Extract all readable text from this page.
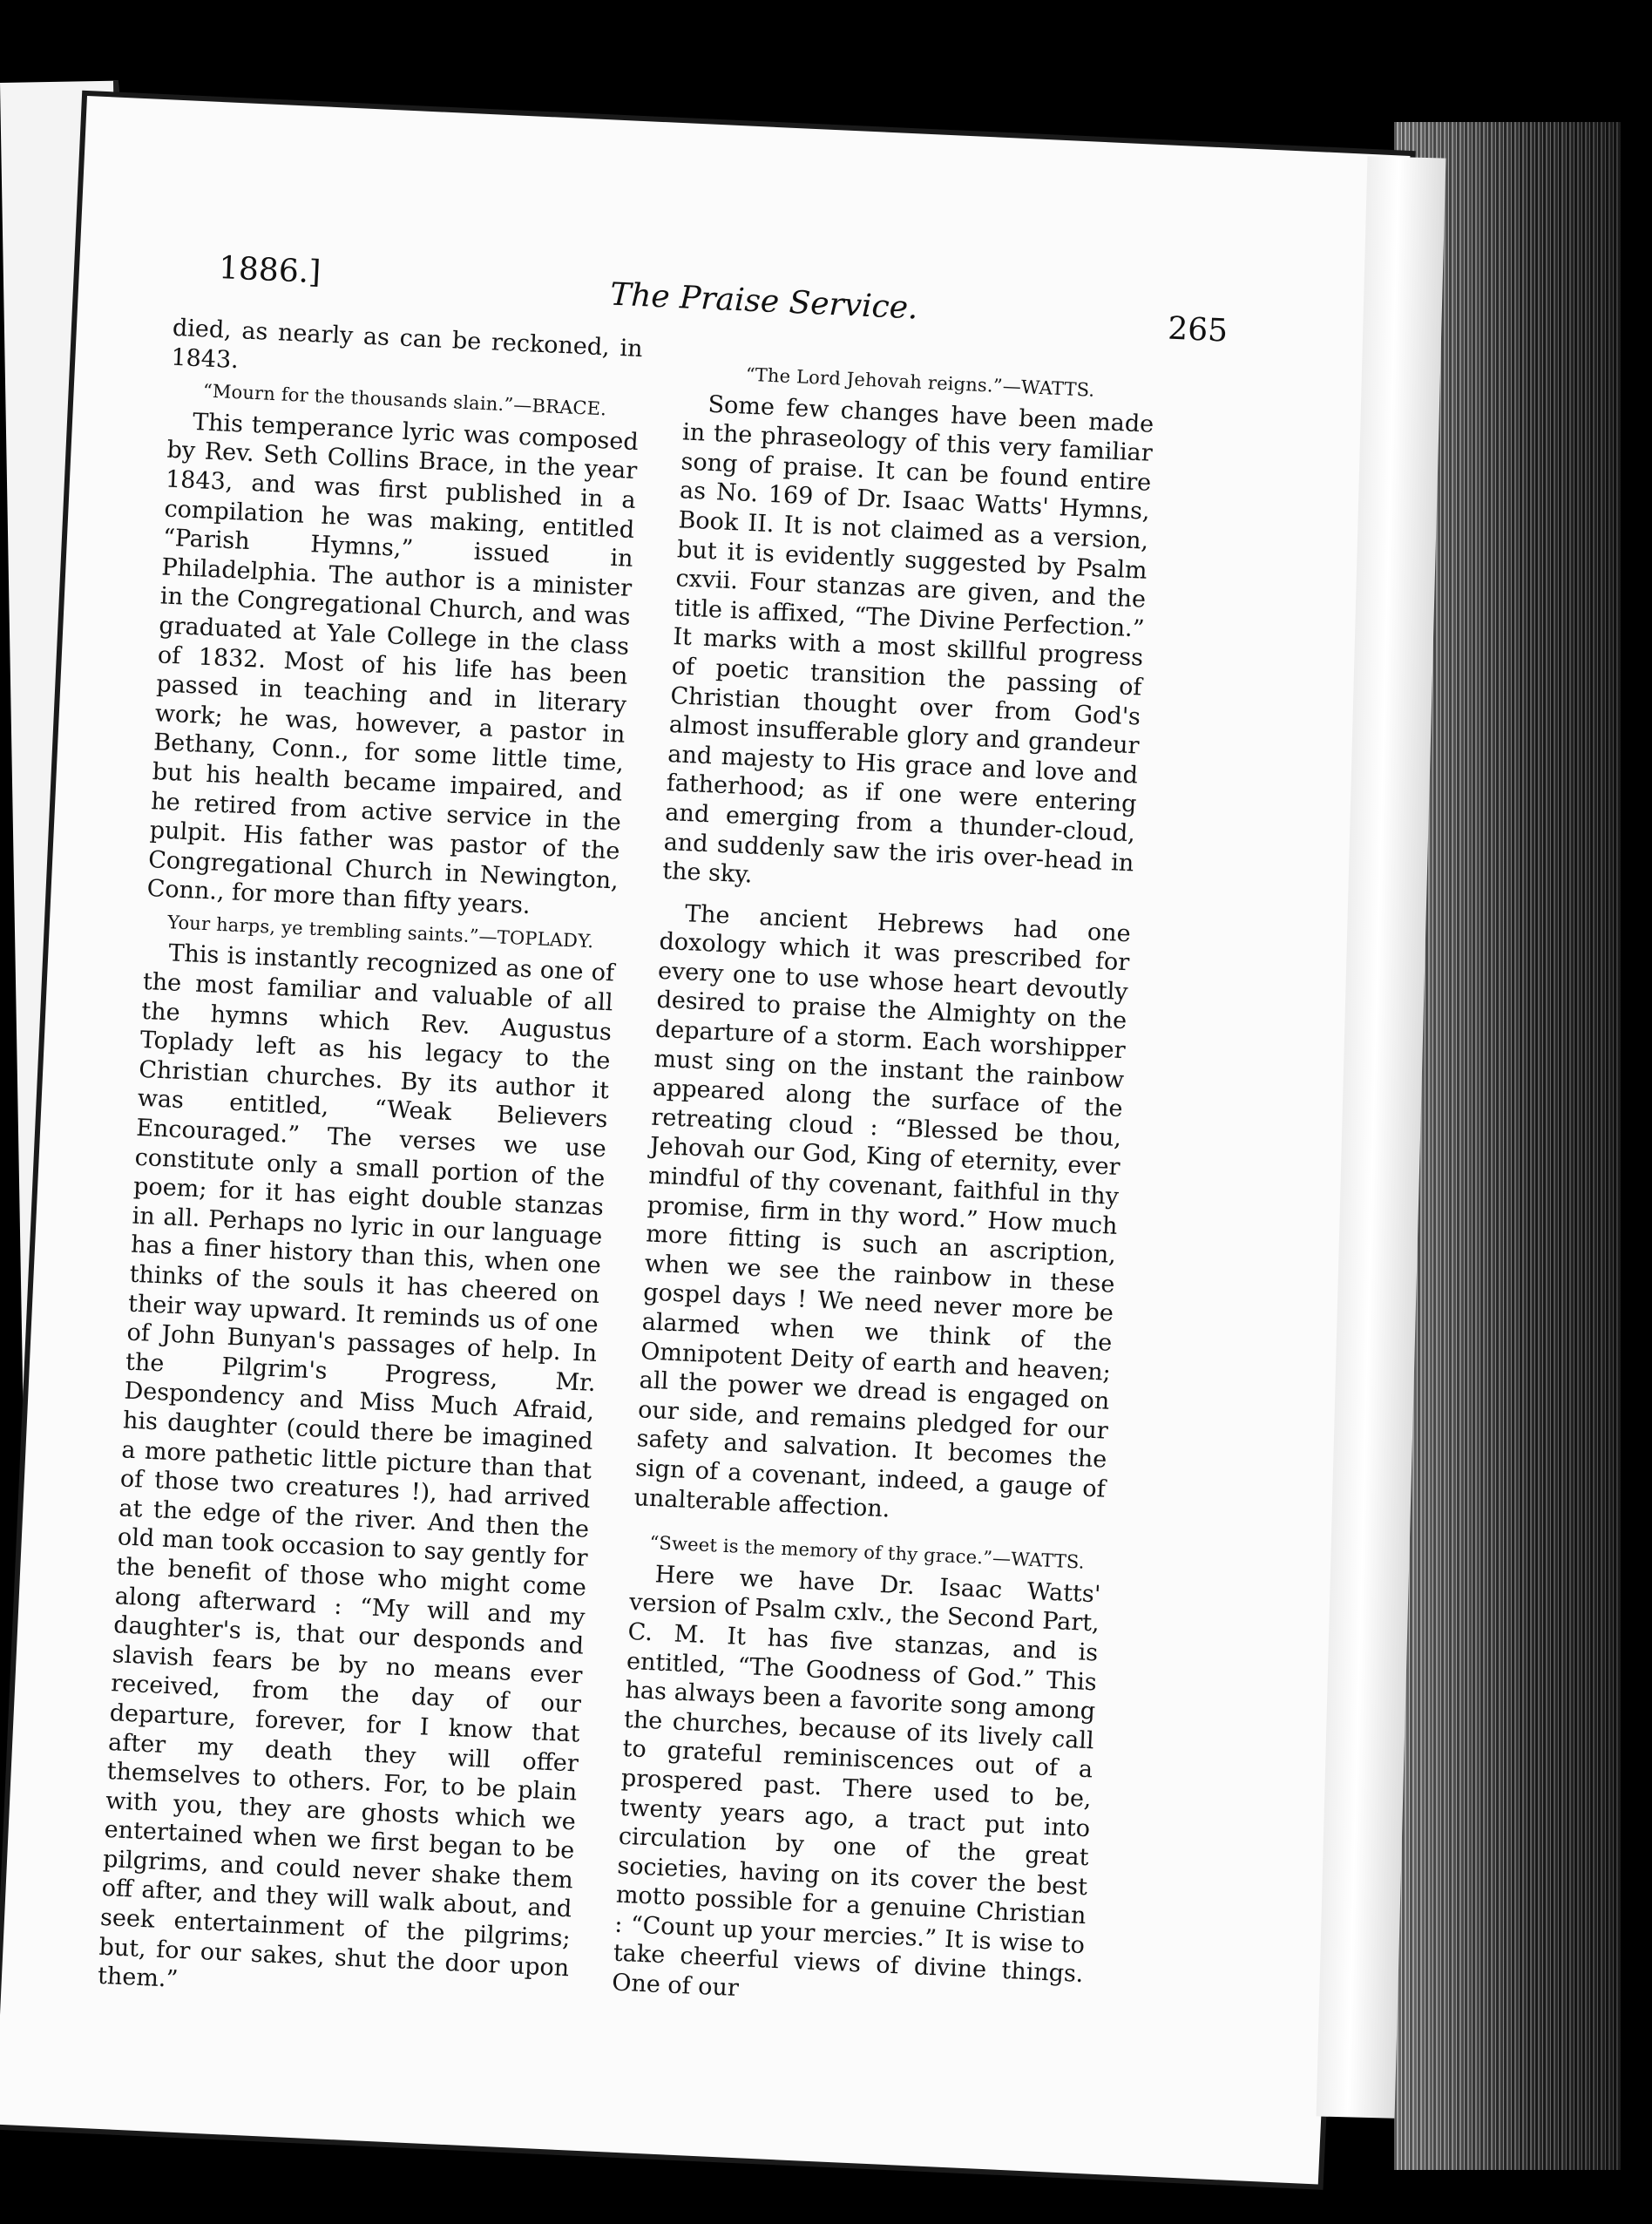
1886.]
The Praise Service.
265

died, as nearly as can be reckoned, in 1843.

“Mourn for the thousands slain.”—BRACE.

This temperance lyric was composed by Rev. Seth Collins Brace, in the year 1843, and was first published in a compilation he was making, entitled “Parish Hymns,” issued in Philadelphia. The author is a minister in the Congregational Church, and was graduated at Yale College in the class of 1832. Most of his life has been passed in teaching and in literary work; he was, however, a pastor in Bethany, Conn., for some little time, but his health became impaired, and he retired from active service in the pulpit. His father was pastor of the Congregational Church in Newington, Conn., for more than fifty years.

Your harps, ye trembling saints.”—TOPLADY.

This is instantly recognized as one of the most familiar and valuable of all the hymns which Rev. Augustus Toplady left as his legacy to the Christian churches. By its author it was entitled, “Weak Believers Encouraged.” The verses we use constitute only a small portion of the poem; for it has eight double stanzas in all. Perhaps no lyric in our language has a finer history than this, when one thinks of the souls it has cheered on their way upward. It reminds us of one of John Bunyan's passages of help. In the Pilgrim's Progress, Mr. Despondency and Miss Much Afraid, his daughter (could there be imagined a more pathetic little picture than that of those two creatures !), had arrived at the edge of the river. And then the old man took occasion to say gently for the benefit of those who might come along afterward : “My will and my daughter's is, that our desponds and slavish fears be by no means ever received, from the day of our departure, forever, for I know that after my death they will offer themselves to others. For, to be plain with you, they are ghosts which we entertained when we first began to be pilgrims, and could never shake them off after, and they will walk about, and seek entertainment of the pilgrims; but, for our sakes, shut the door upon them.”

“The Lord Jehovah reigns.”—WATTS.

Some few changes have been made in the phraseology of this very familiar song of praise. It can be found entire as No. 169 of Dr. Isaac Watts' Hymns, Book II. It is not claimed as a version, but it is evidently suggested by Psalm cxvii. Four stanzas are given, and the title is affixed, “The Divine Perfection.” It marks with a most skillful progress of poetic transition the passing of Christian thought over from God's almost insufferable glory and grandeur and majesty to His grace and love and fatherhood; as if one were entering and emerging from a thunder-cloud, and suddenly saw the iris over-head in the sky.

The ancient Hebrews had one doxology which it was prescribed for every one to use whose heart devoutly desired to praise the Almighty on the departure of a storm. Each worshipper must sing on the instant the rainbow appeared along the surface of the retreating cloud : “Blessed be thou, Jehovah our God, King of eternity, ever mindful of thy covenant, faithful in thy promise, firm in thy word.” How much more fitting is such an ascription, when we see the rainbow in these gospel days ! We need never more be alarmed when we think of the Omnipotent Deity of earth and heaven; all the power we dread is engaged on our side, and remains pledged for our safety and salvation. It becomes the sign of a covenant, indeed, a gauge of unalterable affection.

“Sweet is the memory of thy grace.”—WATTS.

Here we have Dr. Isaac Watts' version of Psalm cxlv., the Second Part, C. M. It has five stanzas, and is entitled, “The Goodness of God.” This has always been a favorite song among the churches, because of its lively call to grateful reminiscences out of a prospered past. There used to be, twenty years ago, a tract put into circulation by one of the great societies, having on its cover the best motto possible for a genuine Christian : “Count up your mercies.” It is wise to take cheerful views of divine things. One of our
